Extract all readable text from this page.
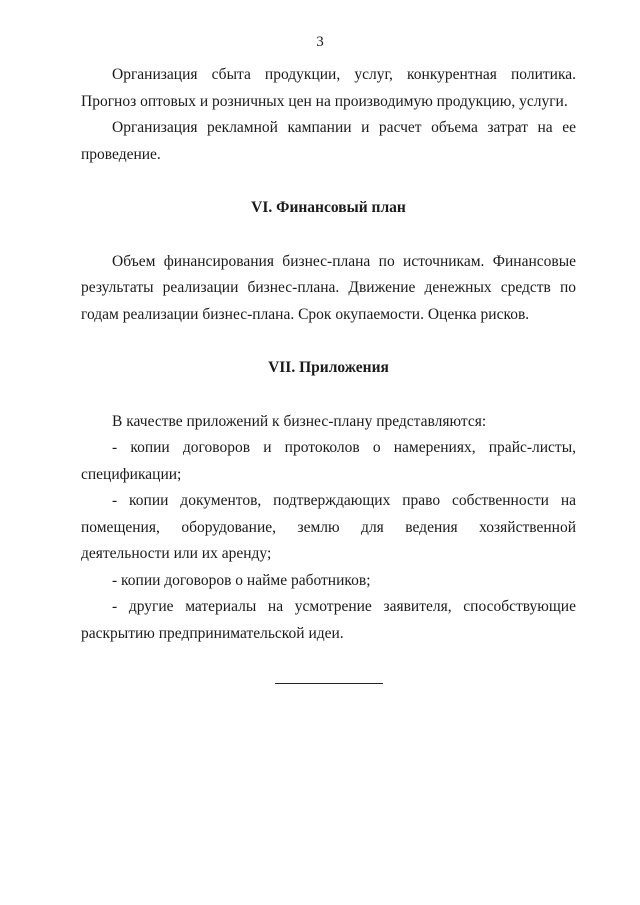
3

Организация сбыта продукции, услуг, конкурентная политика. Прогноз оптовых и розничных цен на производимую продукцию, услуги.

Организация рекламной кампании и расчет объема затрат на ее проведение.

VI. Финансовый план

Объем финансирования бизнес-плана по источникам. Финансовые результаты реализации бизнес-плана. Движение денежных средств по годам реализации бизнес-плана. Срок окупаемости. Оценка рисков.

VII. Приложения

В качестве приложений к бизнес-плану представляются:

- копии договоров и протоколов о намерениях, прайс-листы, спецификации;

- копии документов, подтверждающих право собственности на помещения, оборудование, землю для ведения хозяйственной деятельности или их аренду;

- копии договоров о найме работников;

- другие материалы на усмотрение заявителя, способствующие раскрытию предпринимательской идеи.
